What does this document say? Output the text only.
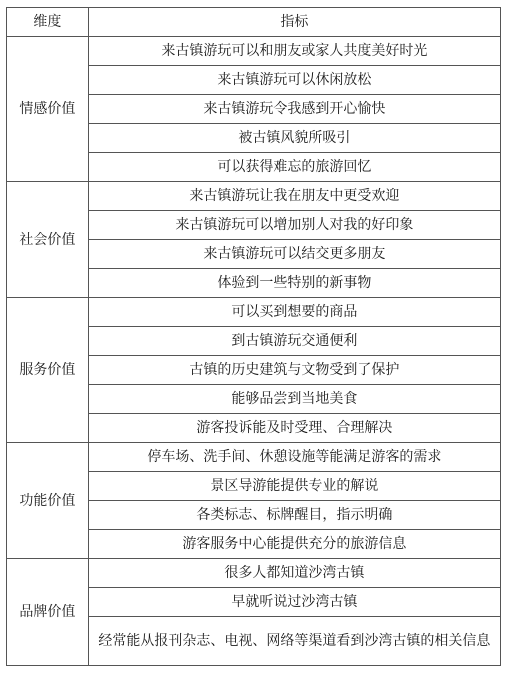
维度	指标
情感价值	来古镇游玩可以和朋友或家人共度美好时光
	来古镇游玩可以休闲放松
	来古镇游玩令我感到开心愉快
	被古镇风貌所吸引
	可以获得难忘的旅游回忆
社会价值	来古镇游玩让我在朋友中更受欢迎
	来古镇游玩可以增加别人对我的好印象
	来古镇游玩可以结交更多朋友
	体验到一些特别的新事物
服务价值	可以买到想要的商品
	到古镇游玩交通便利
	古镇的历史建筑与文物受到了保护
	能够品尝到当地美食
	游客投诉能及时受理、合理解决
功能价值	停车场、洗手间、休憩设施等能满足游客的需求
	景区导游能提供专业的解说
	各类标志、标牌醒目，指示明确
	游客服务中心能提供充分的旅游信息
品牌价值	很多人都知道沙湾古镇
	早就听说过沙湾古镇
	经常能从报刊杂志、电视、网络等渠道看到沙湾古镇的相关信息
